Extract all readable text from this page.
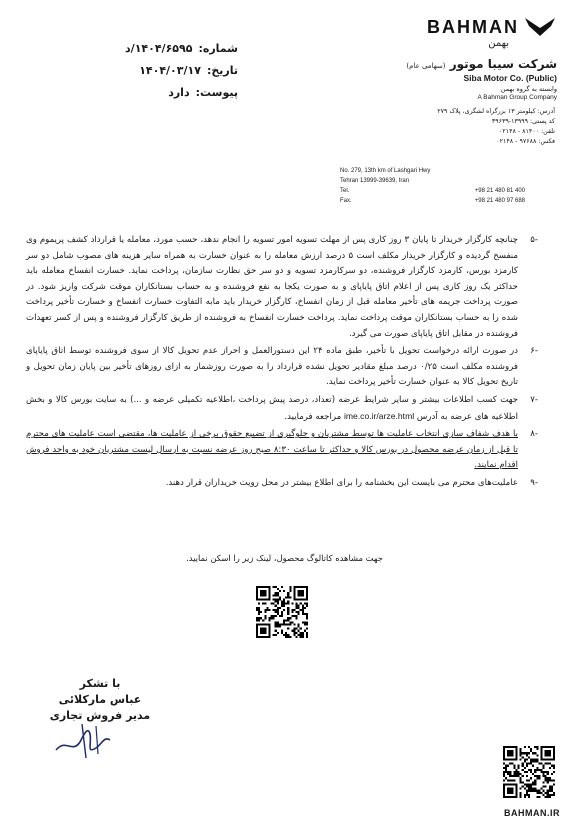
شماره:
۱۴۰۴/۶۵۹۵/د
تاریخ:
۱۴۰۴/۰۳/۱۷
پیوست:
دارد
BAHMAN
بهمن
شرکت سیبا موتور (سهامی عام)
Siba Motor Co. (Public)
وابسته به گروه بهمن
A Bahman Group Company
آدرس: کیلومتر ۱۳ بزرگراه لشگری، پلاک ۲۷۹
کد پستی: ۱۳۹۹۹-۳۹۶۳۹
تلفن: ۸۱۴۰۰ - ۰۲۱۴۸
فکس: ۹۷۶۸۸ - ۰۲۱۴۸
No. 279, 13th km of Lashgari Hwy
Tehran 13999-39639, Iran
Tel.	+98 21 480 81 400
Fax.	+98 21 480 97 688
-۵
چنانچه کارگزار خریدار تا پایان ۳ روز کاری پس از مهلت تسویه امور تسویه را انجام ندهد، حسب مورد، معامله یا قرارداد کشف پریموم وی منفسخ گردیده و کارگزار خریدار مکلف است ۵ درصد ارزش معامله را به عنوان خسارت به همراه سایر هزینه های مصوب شامل دو سر کارمزد بورس، کارمزد کارگزار فروشنده، دو سرکارمزد تسویه و دو سر حق نظارت سازمان، پرداخت نماید. خسارت انفساخ معامله باید حداکثر یک روز کاری پس از اعلام اتاق پایاپای و به صورت یکجا به نفع فروشنده و به حساب بستانکاران موقت شرکت واریز شود. در صورت پرداخت جریمه های تأخیر معامله قبل از زمان انفساخ، کارگزار خریدار باید مابه التفاوت خسارت انفساخ و خسارت تأخیر پرداخت شده را به حساب بستانکاران موقت پرداخت نماید. پرداخت خسارت انفساخ به فروشنده از طریق کارگزار فروشنده و پس از کسر تعهدات فروشنده در مقابل اتاق پایاپای صورت می گیرد.
-۶
در صورت ارائه درخواست تحویل با تأخیر، طبق ماده ۲۴ این دستورالعمل و احراز عدم تحویل کالا از سوی فروشنده توسط اتاق پایاپای فروشنده مکلف است ۰/۲۵ درصد مبلغ مقادیر تحویل نشده قرارداد را به صورت روزشمار به ازای روزهای تأخیر بین پایان زمان تحویل و تاریخ تحویل کالا به عنوان خسارت تأخیر پرداخت نماید.
-۷
جهت کسب اطلاعات بیشتر و سایر شرایط عرضه (تعداد، درصد پیش پرداخت ،اطلاعیه تکمیلی عرضه و ...) به سایت بورس کالا و بخش اطلاعیه های عرضه به آدرس ime.co.ir/arze.html مراجعه فرمایید.
-۸
با هدف شفاف سازی انتخاب عاملیت ها توسط مشتریان و جلوگیری از تضییع حقوق برخی از عاملیت ها، مقتضی است عاملیت های محترم تا قبل از زمان عرضه محصول در بورس کالا و حداکثر تا ساعت ۸:۳۰ صبح روز عرضه نسبت به ارسال لیست مشتریان خود به واحد فروش اقدام نمایند.
-۹
عاملیت‌های محترم می بایست این بخشنامه را برای اطلاع بیشتر در محل رویت خریداران قرار دهند.
جهت مشاهده کاتالوگ محصول، لینک زیر را اسکن نمایید.
با تشکر
عباس مارکلائی
مدیر فروش تجاری
BAHMAN.IR
